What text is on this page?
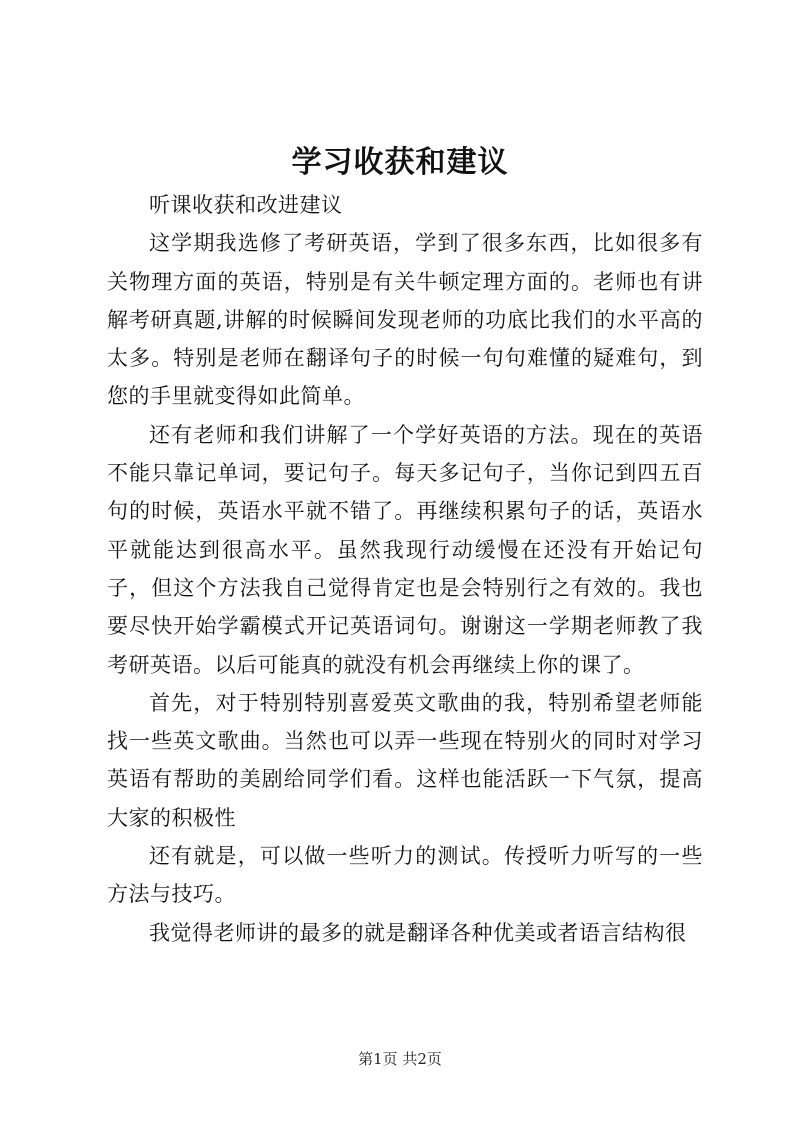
学习收获和建议

听课收获和改进建议

这学期我选修了考研英语，学到了很多东西，比如很多有关物理方面的英语，特别是有关牛顿定理方面的。老师也有讲解考研真题,讲解的时候瞬间发现老师的功底比我们的水平高的太多。特别是老师在翻译句子的时候一句句难懂的疑难句，到您的手里就变得如此简单。

还有老师和我们讲解了一个学好英语的方法。现在的英语不能只靠记单词，要记句子。每天多记句子，当你记到四五百句的时候，英语水平就不错了。再继续积累句子的话，英语水平就能达到很高水平。虽然我现行动缓慢在还没有开始记句子，但这个方法我自己觉得肯定也是会特别行之有效的。我也要尽快开始学霸模式开记英语词句。谢谢这一学期老师教了我考研英语。以后可能真的就没有机会再继续上你的课了。

首先，对于特别特别喜爱英文歌曲的我，特别希望老师能找一些英文歌曲。当然也可以弄一些现在特别火的同时对学习英语有帮助的美剧给同学们看。这样也能活跃一下气氛，提高大家的积极性

还有就是，可以做一些听力的测试。传授听力听写的一些方法与技巧。

我觉得老师讲的最多的就是翻译各种优美或者语言结构很

第1页 共2页
